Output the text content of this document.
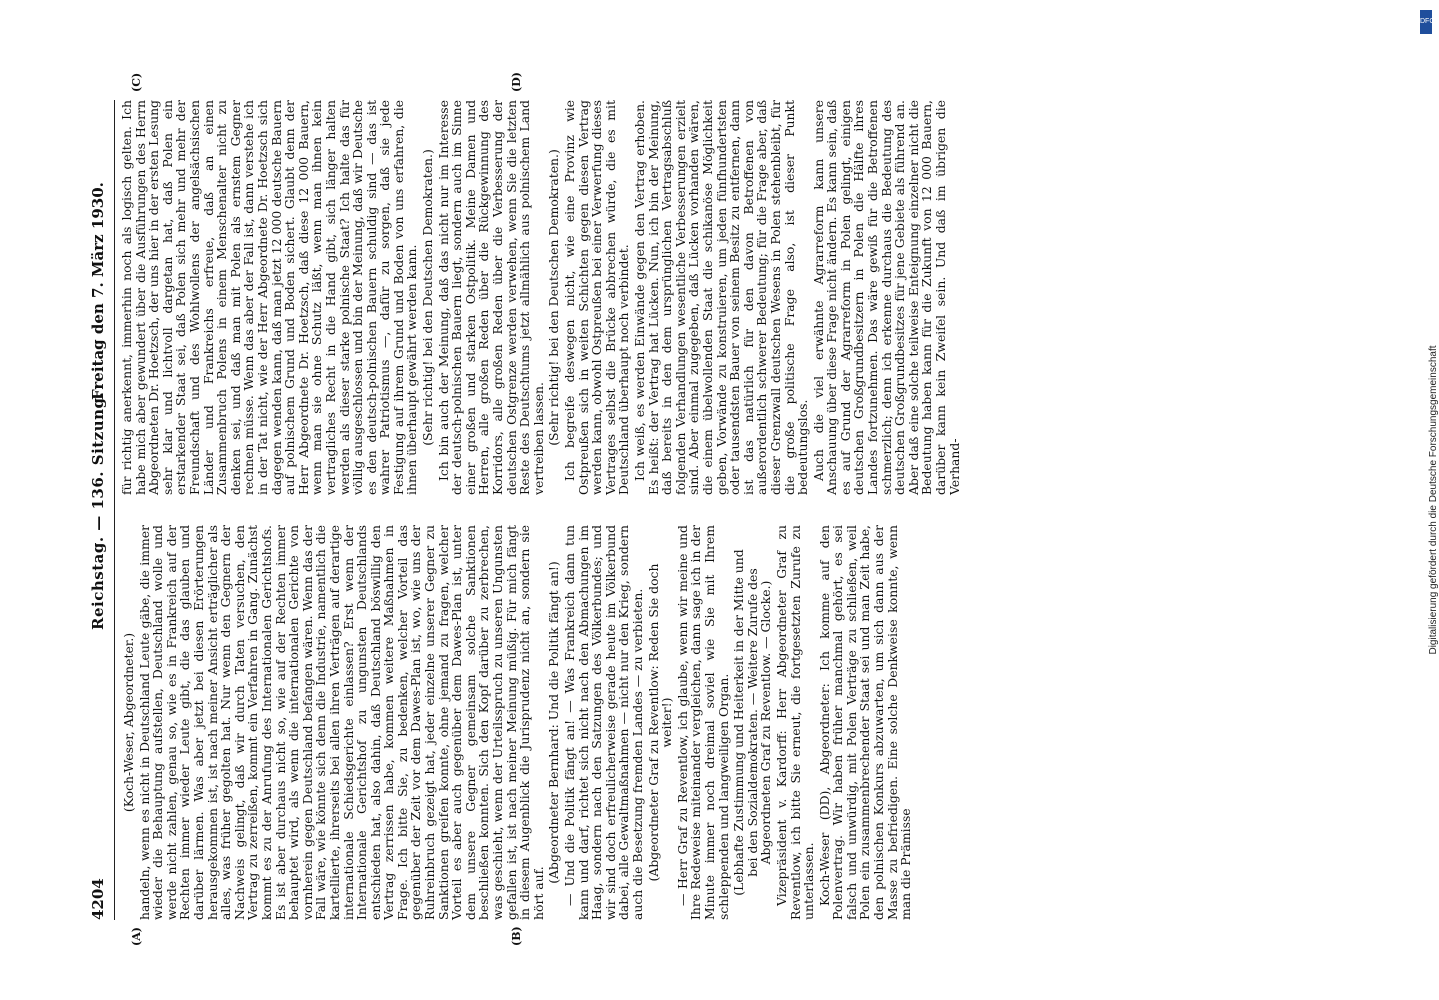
4204
Reichstag. — 136. Sitzung.
Freitag den 7. März 1930.
(A)	(B)
(C)	(D)

(Koch-Weser, Abgeordneter.) handeln, wenn es nicht in Deutschland Leute gäbe, die immer wieder die Behauptung aufstellen, Deutschland wolle und werde nicht zahlen, genau so, wie es in Frankreich auf der Rechten immer wieder Leute gibt, die das glauben und darüber lärmen. Was aber jetzt bei diesen Erörterungen herausgekommen ist, ist nach meiner Ansicht erträglicher als alles, was früher gegolten hat. Nur wenn den Gegnern der Nachweis gelingt, daß wir durch Taten versuchen, den Vertrag zu zerreißen, kommt ein Verfahren in Gang. Zunächst kommt es zu der Anrufung des Internationalen Gerichtshofs. Es ist aber durchaus nicht so, wie auf der Rechten immer behauptet wird, als wenn die internationalen Gerichte von vornherein gegen Deutschland befangen wären. Wenn das der Fall wäre, wie könnte sich denn die Industrie, namentlich die kartellierte, ihrerseits bei allen ihren Verträgen auf derartige internationale Schiedsgerichte einlassen? Erst wenn der Internationale Gerichtshof zu ungunsten Deutschlands entschieden hat, also dahin, daß Deutschland böswillig den Vertrag zerrissen habe, kommen weitere Maßnahmen in Frage. Ich bitte Sie, zu bedenken, welcher Vorteil das gegenüber der Zeit vor dem Dawes-Plan ist, wo, wie uns der Ruhreinbruch gezeigt hat, jeder einzelne unserer Gegner zu Sanktionen greifen konnte, ohne jemand zu fragen, welcher Vorteil es aber auch gegenüber dem Dawes-Plan ist, unter dem unsere Gegner gemeinsam solche Sanktionen beschließen konnten. Sich den Kopf darüber zu zerbrechen, was geschieht, wenn der Urteilsspruch zu unseren Ungunsten gefallen ist, ist nach meiner Meinung müßig. Für mich fängt in diesem Augenblick die Jurisprudenz nicht an, sondern sie hört auf.

(Abgeordneter Bernhard: Und die Politik fängt an!) — Und die Politik fängt an! — Was Frankreich dann tun kann und darf, richtet sich nicht nach den Abmachungen im Haag, sondern nach den Satzungen des Völkerbundes; und wir sind doch erfreulicherweise gerade heute im Völkerbund dabei, alle Gewaltmaßnahmen — nicht nur den Krieg, sondern auch die Besetzung fremden Landes — zu verbieten. (Abgeordneter Graf zu Reventlow: Reden Sie doch weiter!) — Herr Graf zu Reventlow, ich glaube, wenn wir meine und Ihre Redeweise miteinander vergleichen, dann sage ich in der Minute immer noch dreimal soviel wie Sie mit Ihrem schleppenden und langweiligen Organ. (Lebhafte Zustimmung und Heiterkeit in der Mitte und bei den Sozialdemokraten. — Weitere Zurufe des Abgeordneten Graf zu Reventlow. — Glocke.) Vizepräsident v. Kardorff: Herr Abgeordneter Graf zu Reventlow, ich bitte Sie erneut, die fortgesetzten Zurufe zu unterlassen. Koch-Weser (DD), Abgeordneter: Ich komme auf den Polenvertrag. Wir haben früher manchmal gehört, es sei falsch und unwürdig, mit Polen Verträge zu schließen, weil Polen ein zusammenbrechender Staat sei und man Zeit habe, den polnischen Konkurs abzuwarten, um sich dann aus der Masse zu befriedigen. Eine solche Denkweise konnte, wenn man die Prämisse

für richtig anerkennt, immerhin noch als logisch gelten. Ich habe mich aber gewundert über die Ausführungen des Herrn Abgeordneten Dr. Hoetzsch, der uns hier in der ersten Lesung sehr klar und lichtvoll dargetan hat, daß Polen ein erstarkender Staat sei, daß Polen sich mehr und mehr der Freundschaft und des Wohlwollens der angelsächsischen Länder und Frankreichs erfreue, daß an einen Zusammenbruch Polens in einem Menschenalter nicht zu denken sei, und daß man mit Polen als ernstem Gegner rechnen müsse. Wenn das aber der Fall ist, dann verstehe ich in der Tat nicht, wie der Herr Abgeordnete Dr. Hoetzsch sich dagegen wenden kann, daß man jetzt 12 000 deutsche Bauern auf polnischem Grund und Boden sichert. Glaubt denn der Herr Abgeordnete Dr. Hoetzsch, daß diese 12 000 Bauern, wenn man sie ohne Schutz läßt, wenn man ihnen kein vertragliches Recht in die Hand gibt, sich länger halten werden als dieser starke polnische Staat? Ich halte das für völlig ausgeschlossen und bin der Meinung, daß wir Deutsche es den deutsch-polnischen Bauern schuldig sind — das ist wahrer Patriotismus —, dafür zu sorgen, daß sie jede Festigung auf ihrem Grund und Boden von uns erfahren, die ihnen überhaupt gewährt werden kann. (Sehr richtig! bei den Deutschen Demokraten.) Ich bin auch der Meinung, daß das nicht nur im Interesse der deutsch-polnischen Bauern liegt, sondern auch im Sinne einer großen und starken Ostpolitik. Meine Damen und Herren, alle großen Reden über die Rückgewinnung des Korridors, alle großen Reden über die Verbesserung der deutschen Ostgrenze werden verwehen, wenn Sie die letzten Reste des Deutschtums jetzt allmählich aus polnischem Land vertreiben lassen. (Sehr richtig! bei den Deutschen Demokraten.) Ich begreife deswegen nicht, wie eine Provinz wie Ostpreußen sich in weiten Schichten gegen diesen Vertrag werden kann, obwohl Ostpreußen bei einer Verwerfung dieses Vertrages selbst die Brücke abbrechen würde, die es mit Deutschland überhaupt noch verbindet. Ich weiß, es werden Einwände gegen den Vertrag erhoben. Es heißt: der Vertrag hat Lücken. Nun, ich bin der Meinung, daß bereits in den dem ursprünglichen Vertragsabschluß folgenden Verhandlungen wesentliche Verbesserungen erzielt sind. Aber einmal zugegeben, daß Lücken vorhanden wären, die einem übelwollenden Staat die schikanöse Möglichkeit geben, Vorwände zu konstruieren, um jeden fünfhundertsten oder tausendsten Bauer von seinem Besitz zu entfernen, dann ist das natürlich für den davon Betroffenen von außerordentlich schwerer Bedeutung; für die Frage aber, daß dieser Grenzwall deutschen Wesens in Polen stehenbleibt, für die große politische Frage also, ist dieser Punkt bedeutungslos. Auch die viel erwähnte Agrarreform kann unsere Anschauung über diese Frage nicht ändern. Es kann sein, daß es auf Grund der Agrarreform in Polen gelingt, einigen deutschen Großgrundbesitzern in Polen die Hälfte ihres Landes fortzunehmen. Das wäre gewiß für die Betroffenen schmerzlich; denn ich erkenne durchaus die Bedeutung des deutschen Großgrundbesitzes für jene Gebiete als führend an. Aber daß eine solche teilweise Enteignung einzelner nicht die Bedeutung haben kann für die Zukunft von 12 000 Bauern, darüber kann kein Zweifel sein. Und daß im übrigen die Verhand-	Digitalisierung gefördert durch die Deutsche Forschungsgemeinschaft
DFG
